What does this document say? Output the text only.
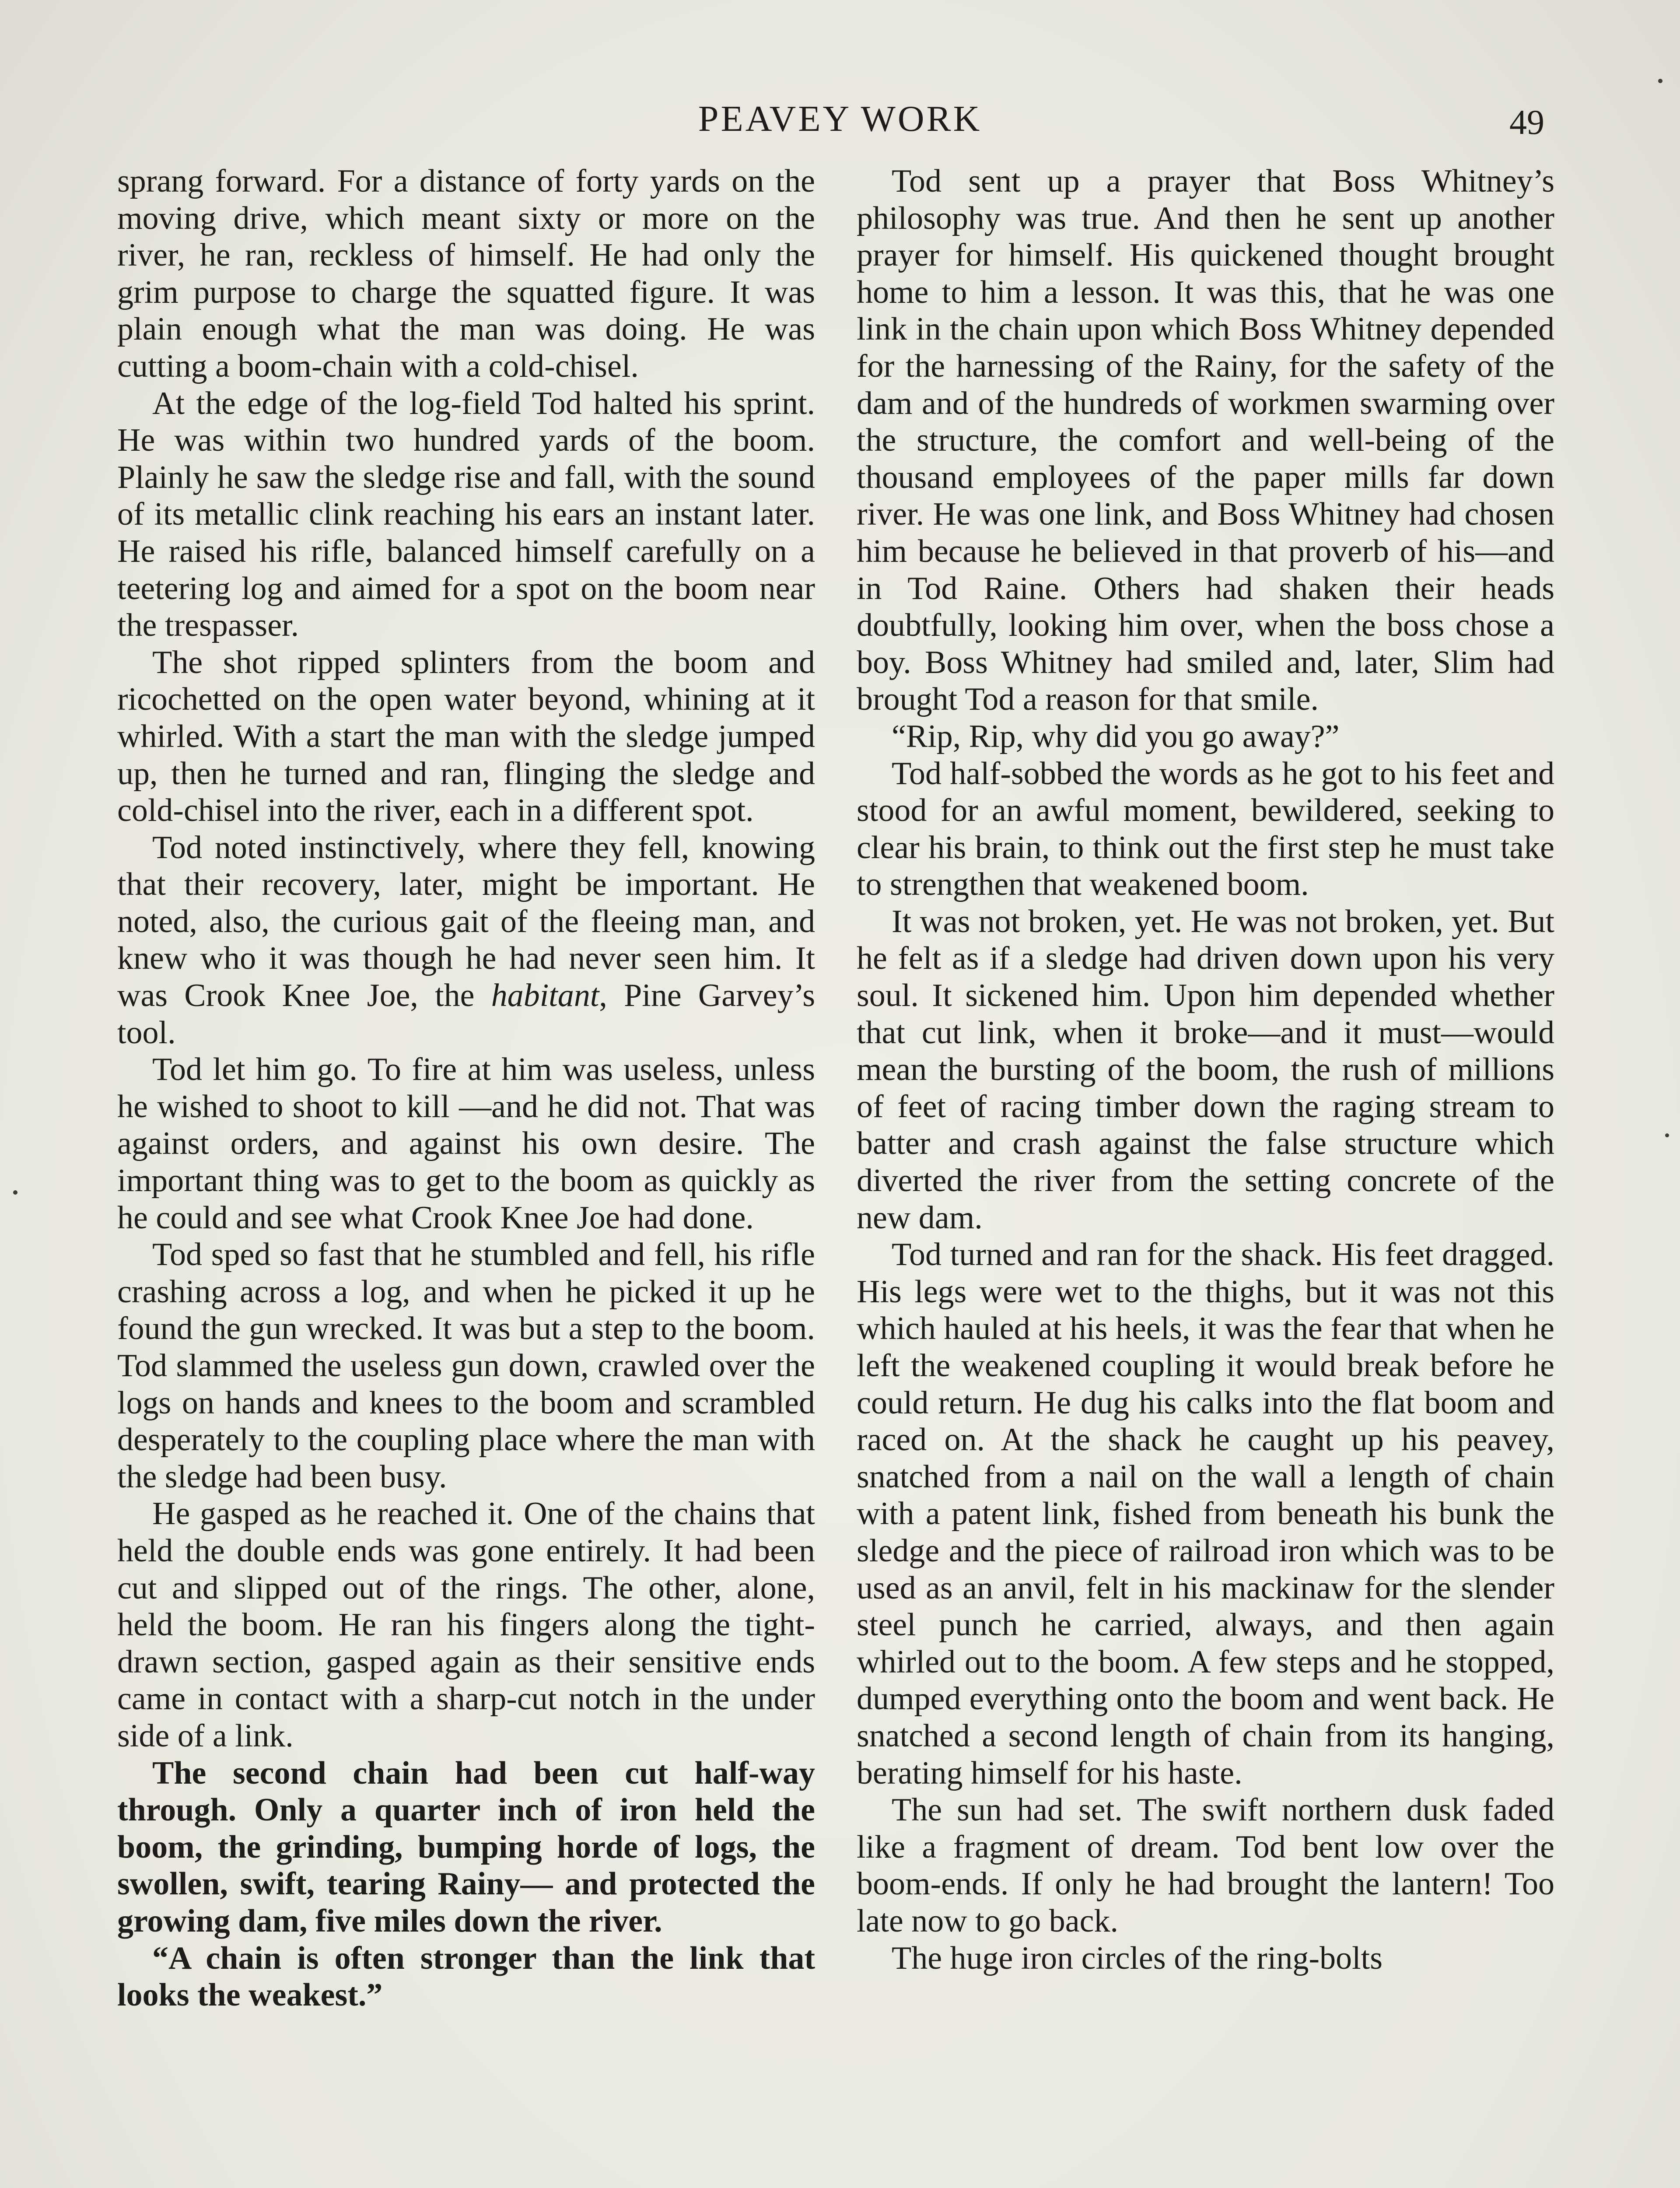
PEAVEY WORK	49

sprang forward. For a distance of forty yards on the moving drive, which meant sixty or more on the river, he ran, reckless of himself. He had only the grim purpose to charge the squatted figure. It was plain enough what the man was doing. He was cutting a boom-chain with a cold-chisel.

At the edge of the log-field Tod halted his sprint. He was within two hundred yards of the boom. Plainly he saw the sledge rise and fall, with the sound of its metallic clink reaching his ears an instant later. He raised his rifle, balanced himself carefully on a teetering log and aimed for a spot on the boom near the trespasser.

The shot ripped splinters from the boom and ricochetted on the open water beyond, whining at it whirled. With a start the man with the sledge jumped up, then he turned and ran, flinging the sledge and cold-chisel into the river, each in a different spot.

Tod noted instinctively, where they fell, knowing that their recovery, later, might be important. He noted, also, the curious gait of the fleeing man, and knew who it was though he had never seen him. It was Crook Knee Joe, the habitant, Pine Garvey’s tool.

Tod let him go. To fire at him was useless, unless he wished to shoot to kill —and he did not. That was against orders, and against his own desire. The important thing was to get to the boom as quickly as he could and see what Crook Knee Joe had done.

Tod sped so fast that he stumbled and fell, his rifle crashing across a log, and when he picked it up he found the gun wrecked. It was but a step to the boom. Tod slammed the useless gun down, crawled over the logs on hands and knees to the boom and scrambled desperately to the coupling place where the man with the sledge had been busy.

He gasped as he reached it. One of the chains that held the double ends was gone entirely. It had been cut and slipped out of the rings. The other, alone, held the boom. He ran his fingers along the tight-drawn section, gasped again as their sensitive ends came in contact with a sharp-cut notch in the under side of a link.

The second chain had been cut half-way through. Only a quarter inch of iron held the boom, the grinding, bumping horde of logs, the swollen, swift, tearing Rainy— and protected the growing dam, five miles down the river.

“A chain is often stronger than the link that looks the weakest.”

Tod sent up a prayer that Boss Whitney’s philosophy was true. And then he sent up another prayer for himself. His quickened thought brought home to him a lesson. It was this, that he was one link in the chain upon which Boss Whitney depended for the harnessing of the Rainy, for the safety of the dam and of the hundreds of workmen swarming over the structure, the comfort and well-being of the thousand employees of the paper mills far down river. He was one link, and Boss Whitney had chosen him because he believed in that proverb of his—and in Tod Raine. Others had shaken their heads doubtfully, looking him over, when the boss chose a boy. Boss Whitney had smiled and, later, Slim had brought Tod a reason for that smile.

“Rip, Rip, why did you go away?”

Tod half-sobbed the words as he got to his feet and stood for an awful moment, bewildered, seeking to clear his brain, to think out the first step he must take to strengthen that weakened boom.

It was not broken, yet. He was not broken, yet. But he felt as if a sledge had driven down upon his very soul. It sickened him. Upon him depended whether that cut link, when it broke—and it must—would mean the bursting of the boom, the rush of millions of feet of racing timber down the raging stream to batter and crash against the false structure which diverted the river from the setting concrete of the new dam.

Tod turned and ran for the shack. His feet dragged. His legs were wet to the thighs, but it was not this which hauled at his heels, it was the fear that when he left the weakened coupling it would break before he could return. He dug his calks into the flat boom and raced on. At the shack he caught up his peavey, snatched from a nail on the wall a length of chain with a patent link, fished from beneath his bunk the sledge and the piece of railroad iron which was to be used as an anvil, felt in his mackinaw for the slender steel punch he carried, always, and then again whirled out to the boom. A few steps and he stopped, dumped everything onto the boom and went back. He snatched a second length of chain from its hanging, berating himself for his haste.

The sun had set. The swift northern dusk faded like a fragment of dream. Tod bent low over the boom-ends. If only he had brought the lantern! Too late now to go back.

The huge iron circles of the ring-bolts
